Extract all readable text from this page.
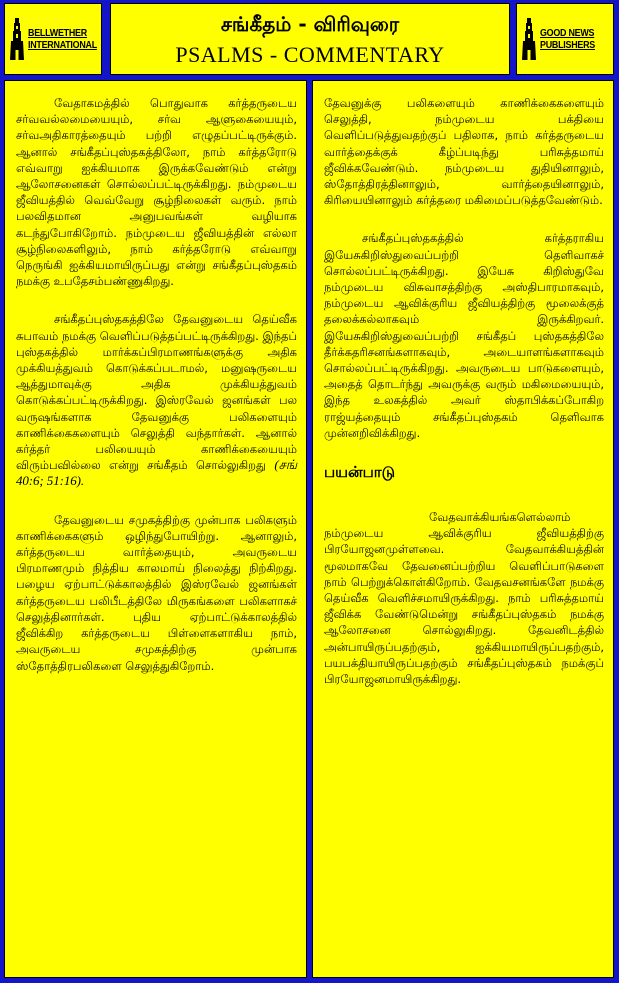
BELLWETHER
INTERNATIONAL
சங்கீதம் - விரிவுரை
PSALMS - COMMENTARY
GOOD NEWS
PUBLISHERS

வேதாகமத்தில் பொதுவாக கர்த்தருடைய சர்வவல்லமையையும், சர்வ ஆளுகையையும், சர்வஅதிகாரத்தையும் பற்றி எழுதப்பட்டிருக்கும். ஆனால் சங்கீதப்புஸ்தகத்திலோ, நாம் கர்த்தரோடு எவ்வாறு ஐக்கியமாக இருக்கவேண்டும் என்று ஆலோசனைகள் சொல்லப்பட்டிருக்கிறது. நம்முடைய ஜீவியத்தில் வெவ்வேறு சூழ்நிலைகள் வரும். நாம் பலவிதமான அனுபவங்கள் வழியாக கடந்துபோகிறோம். நம்முடைய ஜீவியத்தின் எல்லா சூழ்நிலைகளிலும், நாம் கர்த்தரோடு எவ்வாறு நெருங்கி ஐக்கியமாயிருப்பது என்று சங்கீதப்புஸ்தகம் நமக்கு உபதேசம்பண்ணுகிறது.

சங்கீதப்புஸ்தகத்திலே தேவனுடைய தெய்வீக சுபாவம் நமக்கு வெளிப்படுத்தப்பட்டிருக்கிறது. இந்தப் புஸ்தகத்தில் மார்க்கப்பிரமாணங்களுக்கு அதிக முக்கியத்துவம் கொடுக்கப்படாமல், மனுஷருடைய ஆத்துமாவுக்கு அதிக முக்கியத்துவம் கொடுக்கப்பட்டிருக்கிறது. இஸ்ரவேல் ஜனங்கள் பல வருஷங்களாக தேவனுக்கு பலிகளையும் காணிக்கைகளையும் செலுத்தி வந்தார்கள். ஆனால் கர்த்தர் பலியையும் காணிக்கையையும் விரும்பவில்லை என்று சங்கீதம் சொல்லுகிறது (சங் 40:6; 51:16).

தேவனுடைய சமுகத்திற்கு முன்பாக பலிகளும் காணிக்கைகளும் ஒழிந்துபோயிற்று. ஆனாலும், கர்த்தருடைய வார்த்தையும், அவருடைய பிரமாணமும் நித்திய காலமாய் நிலைத்து நிற்கிறது. பழைய ஏற்பாட்டுக்காலத்தில் இஸ்ரவேல் ஜனங்கள் கர்த்தருடைய பலிபீடத்திலே மிருகங்களை பலிகளாகச் செலுத்தினார்கள். புதிய ஏற்பாட்டுக்காலத்தில் ஜீவிக்கிற கர்த்தருடைய பிள்ளைகளாகிய நாம், அவருடைய சமுகத்திற்கு முன்பாக ஸ்தோத்திரபலிகளை செலுத்துகிறோம்.

தேவனுக்கு பலிகளையும் காணிக்கைகளையும் செலுத்தி, நம்முடைய பக்தியை வெளிப்படுத்துவதற்குப் பதிலாக, நாம் கர்த்தருடைய வார்த்தைக்குக் கீழ்ப்படிந்து பரிசுத்தமாய் ஜீவிக்கவேண்டும். நம்முடைய துதியினாலும், ஸ்தோத்திரத்தினாலும், வார்த்தையினாலும், கிரியையினாலும் கர்த்தரை மகிமைப்படுத்தவேண்டும்.

சங்கீதப்புஸ்தகத்தில் கர்த்தராகிய இயேசுகிறிஸ்துவைப்பற்றி தெளிவாகச் சொல்லப்பட்டிருக்கிறது. இயேசு கிறிஸ்துவே நம்முடைய விசுவாசத்திற்கு அஸ்திபாரமாகவும், நம்முடைய ஆவிக்குரிய ஜீவியத்திற்கு மூலைக்குத் தலைக்கல்லாகவும் இருக்கிறவர். இயேசுகிறிஸ்துவைப்பற்றி சங்கீதப் புஸ்தகத்திலே தீர்க்கதரிசனங்களாகவும், அடையாளங்களாகவும் சொல்லப்பட்டிருக்கிறது. அவருடைய பாடுகளையும், அதைத் தொடர்ந்து அவருக்கு வரும் மகிமையையும், இந்த உலகத்தில் அவர் ஸ்தாபிக்கப்போகிற ராஜ்யத்தையும் சங்கீதப்புஸ்தகம் தெளிவாக முன்னறிவிக்கிறது.

பயன்பாடு

வேதவாக்கியங்களெல்லாம் நம்முடைய ஆவிக்குரிய ஜீவியத்திற்கு பிரயோஜனமுள்ளவை. வேதவாக்கியத்தின் மூலமாகவே தேவனைப்பற்றிய வெளிப்பாடுகளை நாம் பெற்றுக்கொள்கிறோம். வேதவசனங்களே நமக்கு தெய்வீக வெளிச்சமாயிருக்கிறது. நாம் பரிசுத்தமாய் ஜீவிக்க வேண்டுமென்று சங்கீதப்புஸ்தகம் நமக்கு ஆலோசனை சொல்லுகிறது. தேவனிடத்தில் அன்பாயிருப்பதற்கும், ஐக்கியமாயிருப்பதற்கும், பயபக்தியாயிருப்பதற்கும் சங்கீதப்புஸ்தகம் நமக்குப் பிரயோஜனமாயிருக்கிறது.
